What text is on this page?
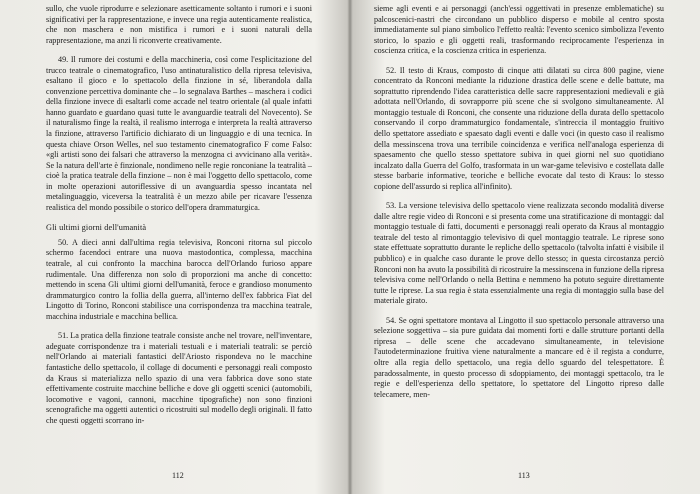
sullo, che vuole riprodurre e selezionare asetticamente soltanto i rumori e i suoni significativi per la rappresentazione, e invece una regia autenticamente realistica, che non maschera e non mistifica i rumori e i suoni naturali della rappresentazione, ma anzi li riconverte creativamente.

49. Il rumore dei costumi e della macchineria, così come l'esplicitazione del trucco teatrale o cinematografico, l'uso antinaturalistico della ripresa televisiva, esaltano il gioco e lo spettacolo della finzione in sé, liberandola dalla convenzione percettiva dominante che – lo segnalava Barthes – maschera i codici della finzione invece di esaltarli come accade nel teatro orientale (al quale infatti hanno guardato e guardano quasi tutte le avanguardie teatrali del Novecento). Se il naturalismo finge la realtà, il realismo interroga e interpreta la realtà attraverso la finzione, attraverso l'artificio dichiarato di un linguaggio e di una tecnica. In questa chiave Orson Welles, nel suo testamento cinematografico F come Falso: «gli artisti sono dei falsari che attraverso la menzogna ci avvicinano alla verità». Se la natura dell'arte è finzionale, nondimeno nelle regie ronconiane la teatralità – cioè la pratica teatrale della finzione – non è mai l'oggetto dello spettacolo, come in molte operazioni autoriflessive di un avanguardia spesso incantata nel metalinguaggio, viceversa la teatralità è un mezzo abile per ricavare l'essenza realistica del mondo possibile o storico dell'opera drammaturgica.

Gli ultimi giorni dell'umanità

50. A dieci anni dall'ultima regia televisiva, Ronconi ritorna sul piccolo schermo facendoci entrare una nuova mastodontica, complessa, macchina teatrale, al cui confronto la macchina barocca dell'Orlando furioso appare rudimentale. Una differenza non solo di proporzioni ma anche di concetto: mettendo in scena Gli ultimi giorni dell'umanità, feroce e grandioso monumento drammaturgico contro la follia della guerra, all'interno dell'ex fabbrica Fiat del Lingotto di Torino, Ronconi stabilisce una corrispondenza tra macchina teatrale, macchina industriale e macchina bellica.

51. La pratica della finzione teatrale consiste anche nel trovare, nell'inventare, adeguate corrispondenze tra i materiali testuali e i materiali teatrali: se perciò nell'Orlando ai materiali fantastici dell'Ariosto rispondeva no le macchine fantastiche dello spettacolo, il collage di documenti e personaggi reali composto da Kraus si materializza nello spazio di una vera fabbrica dove sono state effettivamente costruite macchine belliche e dove gli oggetti scenici (automobili, locomotive e vagoni, cannoni, macchine tipografiche) non sono finzioni scenografiche ma oggetti autentici o ricostruiti sul modello degli originali. Il fatto che questi oggetti scorrano in-

112

sieme agli eventi e ai personaggi (anch'essi oggettivati in presenze emblematiche) su palcoscenici-nastri che circondano un pubblico disperso e mobile al centro sposta immediatamente sul piano simbolico l'effetto realtà: l'evento scenico simbolizza l'evento storico, lo spazio e gli oggetti reali, trasformando reciprocamente l'esperienza in coscienza critica, e la coscienza critica in esperienza.

52. Il testo di Kraus, composto di cinque atti dilatati su circa 800 pagine, viene concentrato da Ronconi mediante la riduzione drastica delle scene e delle battute, ma soprattutto riprendendo l'idea caratteristica delle sacre rappresentazioni medievali e già adottata nell'Orlando, di sovrapporre più scene che si svolgono simultaneamente. Al montaggio testuale di Ronconi, che consente una riduzione della durata dello spettacolo conservando il corpo drammaturgico fondamentale, s'intreccia il montaggio fruitivo dello spettatore assediato e spaesato dagli eventi e dalle voci (in questo caso il realismo della messinscena trova una terribile coincidenza e verifica nell'analoga esperienza di spaesamento che quello stesso spettatore subiva in quei giorni nel suo quotidiano incalzato dalla Guerra del Golfo, trasformata in un war-game televisivo e costellata dalle stesse barbarie informative, teoriche e belliche evocate dal testo di Kraus: lo stesso copione dell'assurdo si replica all'infinito).

53. La versione televisiva dello spettacolo viene realizzata secondo modalità diverse dalle altre regie video di Ronconi e si presenta come una stratificazione di montaggi: dal montaggio testuale di fatti, documenti e personaggi reali operato da Kraus al montaggio teatrale del testo al rimontaggio televisivo di quel montaggio teatrale. Le riprese sono state effettuate soprattutto durante le repliche dello spettacolo (talvolta infatti è visibile il pubblico) e in qualche caso durante le prove dello stesso; in questa circostanza perciò Ronconi non ha avuto la possibilità di ricostruire la messinscena in funzione della ripresa televisiva come nell'Orlando o nella Bettina e nemmeno ha potuto seguire direttamente tutte le riprese. La sua regia è stata essenzialmente una regia di montaggio sulla base del materiale girato.

54. Se ogni spettatore montava al Lingotto il suo spettacolo personale attraverso una selezione soggettiva – sia pure guidata dai momenti forti e dalle strutture portanti della ripresa – delle scene che accadevano simultaneamente, in televisione l'autodeterminazione fruitiva viene naturalmente a mancare ed è il regista a condurre, oltre alla regia dello spettacolo, una regia dello sguardo del telespettatore. È paradossalmente, in questo processo di sdoppiamento, dei montaggi spettacolo, tra le regie e dell'esperienza dello spettatore, lo spettatore del Lingotto ripreso dalle telecamere, men-

113
